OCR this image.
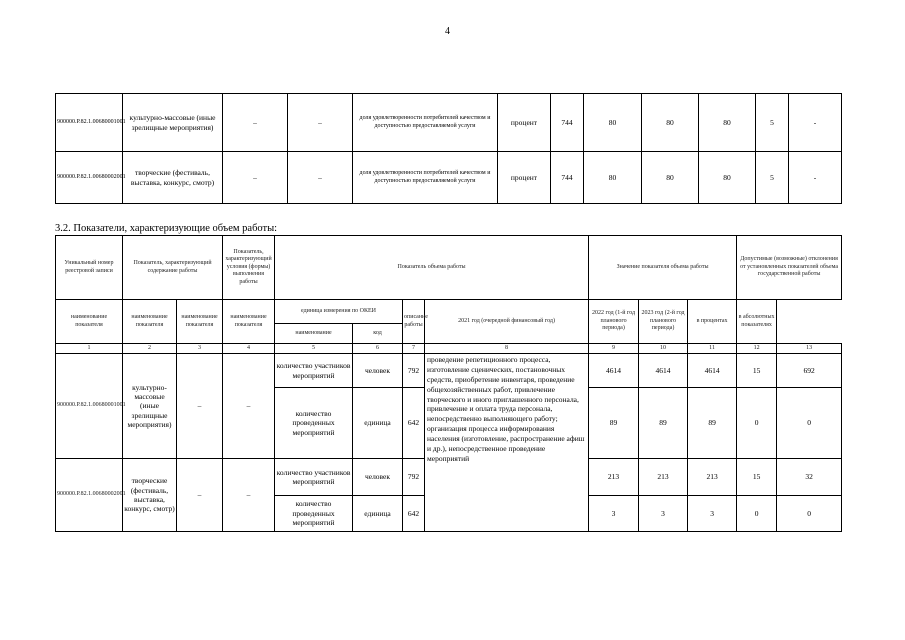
4
900000.Р.82.1.00680001001	культурно-массовые (иные зрелищные мероприятия)	–	–	доля удовлетворенности потребителей качеством и доступностью предоставляемой услуги	процент	744	80	80	80	5	-
900000.Р.82.1.00680002001	творческие (фестиваль, выставка, конкурс, смотр)	–	–	доля удовлетворенности потребителей качеством и доступностью предоставляемой услуги	процент	744	80	80	80	5	-
3.2. Показатели, характеризующие объем работы:
Уникальный номер реестровой записи	Показатель, характеризующий содержание работы		Показатель, характеризующий условия (формы) выполнения работы	Показатель объема работы				Значение показателя объема работы			Допустимые (возможные) отклонения от установленных показателей объема государственной работы	

наименование показателя	наименование показателя	наименование показателя	наименование показателя	единица измерения по ОКЕИ		описание работы	2021 год (очередной финансовый год)	2022 год (1-й год планового периода)	2023 год (2-й год планового периода)	в процентах	в абсолютных показателях	
				наименование	код							
1	2	3	4	5	6	7	8	9	10	11	12	13
900000.Р.82.1.00680001001	культурно-массовые (иные зрелищные мероприятия)	–	–	количество участников мероприятий	человек	792	проведение репетиционного процесса, изготовление сценических, постановочных средств, приобретение инвентаря, проведение общехозяйственных работ, привлечение творческого и иного приглашенного персонала, привлечение и оплата труда персонала, непосредственно выполняющего работу; организация процесса информирования населения (изготовление, распространение афиш и др.), непосредственное проведение мероприятий	4614	4614	4614	15	692
				количество проведенных мероприятий	единица	642		89	89	89	0	0
900000.Р.82.1.00680002001	творческие (фестиваль, выставка, конкурс, смотр)	–	–	количество участников мероприятий	человек	792		213	213	213	15	32
				количество проведенных мероприятий	единица	642		3	3	3	0	0
